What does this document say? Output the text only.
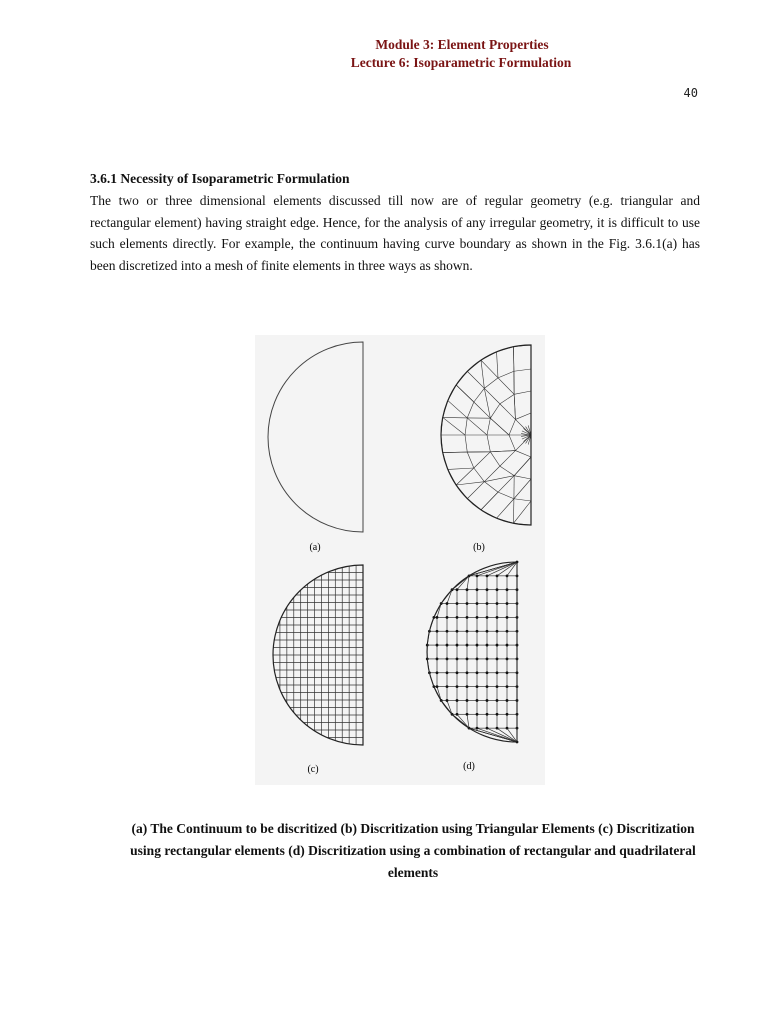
Module 3: Element Properties
Lecture 6: Isoparametric Formulation
40
3.6.1 Necessity of Isoparametric Formulation
The two or three dimensional elements discussed till now are of regular geometry (e.g. triangular and rectangular element) having straight edge. Hence, for the analysis of any irregular geometry, it is difficult to use such elements directly. For example, the continuum having curve boundary as shown in the Fig. 3.6.1(a) has been discretized into a mesh of finite elements in three ways as shown.
(a)	(b)
(c)	(d)
(a) The Continuum to be discritized (b) Discritization using Triangular Elements (c) Discritization using rectangular elements (d) Discritization using a combination of rectangular and quadrilateral elements
